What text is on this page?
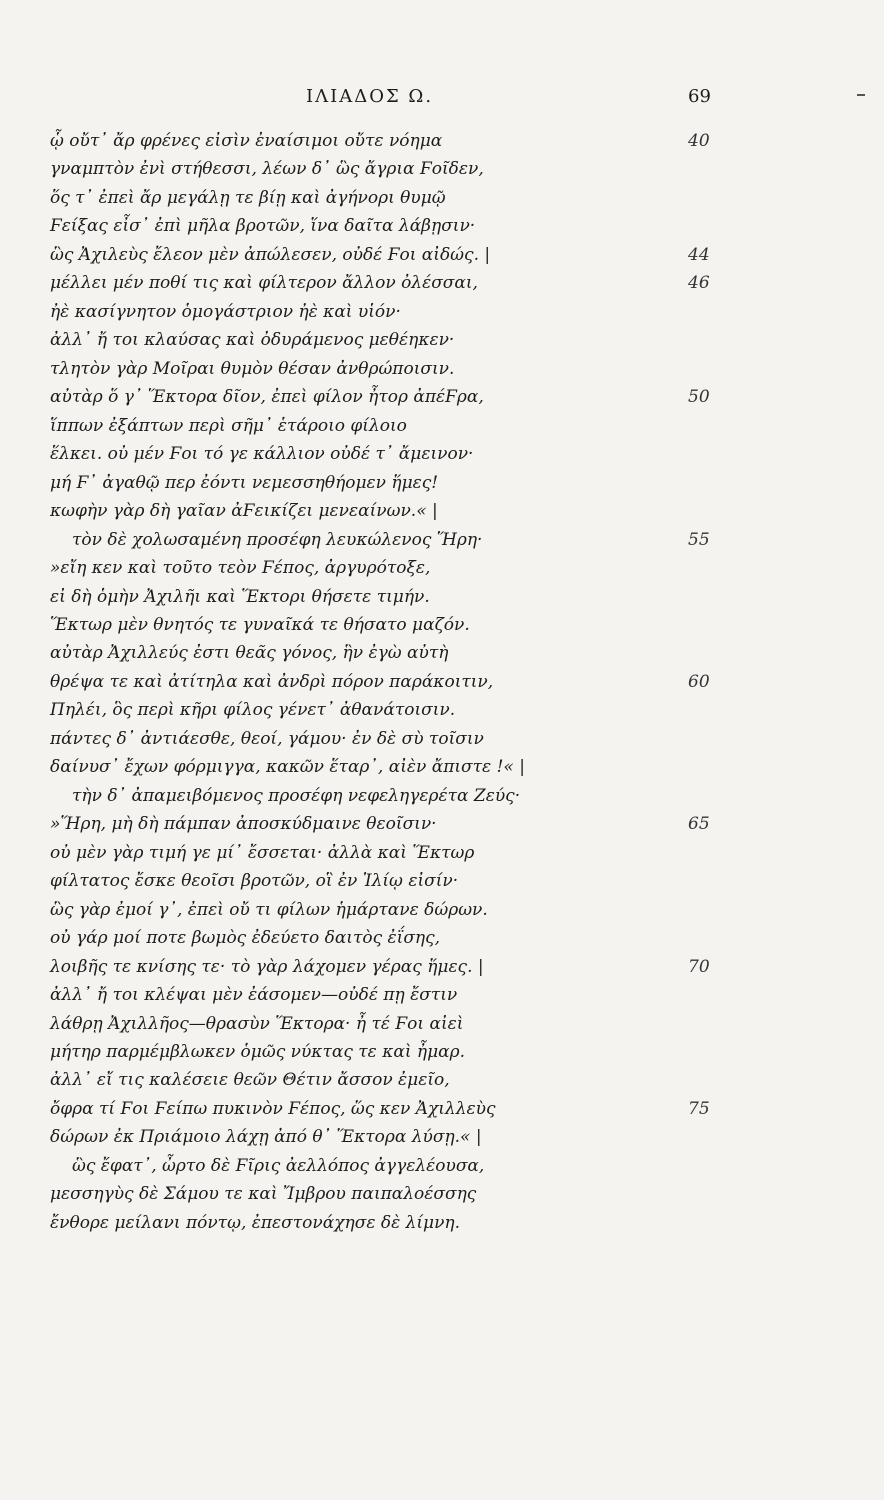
ΙΛΙΑΔΟΣ Ω.	69
ᾧ οὔτ᾽ ἄρ φρένες εἰσὶν ἐναίσιμοι οὔτε νόημα
γναμπτὸν ἐνὶ στήθεσσι, λέων δ᾽ ὣς ἄγρια Ϝοῖδεν,
ὅς τ᾽ ἐπεὶ ἄρ μεγάλῃ τε βίῃ καὶ ἀγήνορι θυμῷ
Ϝείξας εἶσ᾽ ἐπὶ μῆλα βροτῶν, ἵνα δαῖτα λάβῃσιν·
ὣς Ἀχιλεὺς ἔλεον μὲν ἀπώλεσεν, οὐδέ Ϝοι αἰδώς. |
μέλλει μέν ποθί τις καὶ φίλτερον ἄλλον ὀλέσσαι,
ἠὲ κασίγνητον ὁμογάστριον ἠὲ καὶ υἱόν·
ἀλλ᾽ ἤ τοι κλαύσας καὶ ὀδυράμενος μεθέηκεν·
τλητὸν γὰρ Μοῖραι θυμὸν θέσαν ἀνθρώποισιν.
αὐτὰρ ὅ γ᾽ Ἕκτορα δῖον, ἐπεὶ φίλον ἦτορ ἀπέϜρα,
ἵππων ἐξάπτων περὶ σῆμ᾽ ἑτάροιο φίλοιο
ἕλκει. οὐ μέν Ϝοι τό γε κάλλιον οὐδέ τ᾽ ἄμεινον·
μή Ϝ᾽ ἀγαθῷ περ ἐόντι νεμεσσηθήομεν ἥμες!
κωφὴν γὰρ δὴ γαῖαν ἀϜεικίζει μενεαίνων.« |
τὸν δὲ χολωσαμένη προσέφη λευκώλενος Ἥρη·
»εἴη κεν καὶ τοῦτο τεὸν Ϝέπος, ἀργυρότοξε,
εἰ δὴ ὁμὴν Ἀχιλῆι καὶ Ἕκτορι θήσετε τιμήν.
Ἕκτωρ μὲν θνητός τε γυναῖκά τε θήσατο μαζόν.
αὐτὰρ Ἀχιλλεύς ἐστι θεᾶς γόνος, ἣν ἐγὼ αὐτὴ
θρέψα τε καὶ ἀτίτηλα καὶ ἀνδρὶ πόρον παράκοιτιν,
Πηλέι, ὃς περὶ κῆρι φίλος γένετ᾽ ἀθανάτοισιν.
πάντες δ᾽ ἀντιάεσθε, θεοί, γάμου· ἐν δὲ σὺ τοῖσιν
δαίνυσ᾽ ἔχων φόρμιγγα, κακῶν ἕταρ᾽, αἰὲν ἄπιστε !« |
τὴν δ᾽ ἀπαμειβόμενος προσέφη νεφεληγερέτα Ζεύς·
»Ἥρη, μὴ δὴ πάμπαν ἀποσκύδμαινε θεοῖσιν·
οὐ μὲν γὰρ τιμή γε μί᾽ ἔσσεται· ἀλλὰ καὶ Ἕκτωρ
φίλτατος ἔσκε θεοῖσι βροτῶν, οἳ ἐν Ἰλίῳ εἰσίν·
ὣς γὰρ ἐμοί γ᾽, ἐπεὶ οὔ τι φίλων ἡμάρτανε δώρων.
οὐ γάρ μοί ποτε βωμὸς ἐδεύετο δαιτὸς ἐΐσης,
λοιβῆς τε κνίσης τε· τὸ γὰρ λάχομεν γέρας ἥμες. |
ἀλλ᾽ ἤ τοι κλέψαι μὲν ἐάσομεν—οὐδέ πῃ ἔστιν
λάθρῃ Ἀχιλλῆος—θρασὺν Ἕκτορα· ἦ τέ Ϝοι αἰεὶ
μήτηρ παρμέμβλωκεν ὁμῶς νύκτας τε καὶ ἦμαρ.
ἀλλ᾽ εἴ τις καλέσειε θεῶν Θέτιν ἄσσον ἐμεῖο,
ὄφρα τί Ϝοι Ϝείπω πυκινὸν Ϝέπος, ὥς κεν Ἀχιλλεὺς
δώρων ἐκ Πριάμοιο λάχῃ ἀπό θ᾽ Ἕκτορα λύσῃ.« |
ὣς ἔφατ᾽, ὦρτο δὲ Ϝῖρις ἀελλόπος ἀγγελέουσα,
μεσσηγὺς δὲ Σάμου τε καὶ Ἴμβρου παιπαλοέσσης
ἔνθορε μείλανι πόντῳ, ἐπεστονάχησε δὲ λίμνη.
40
44
46
50
55
60
65
70
75
